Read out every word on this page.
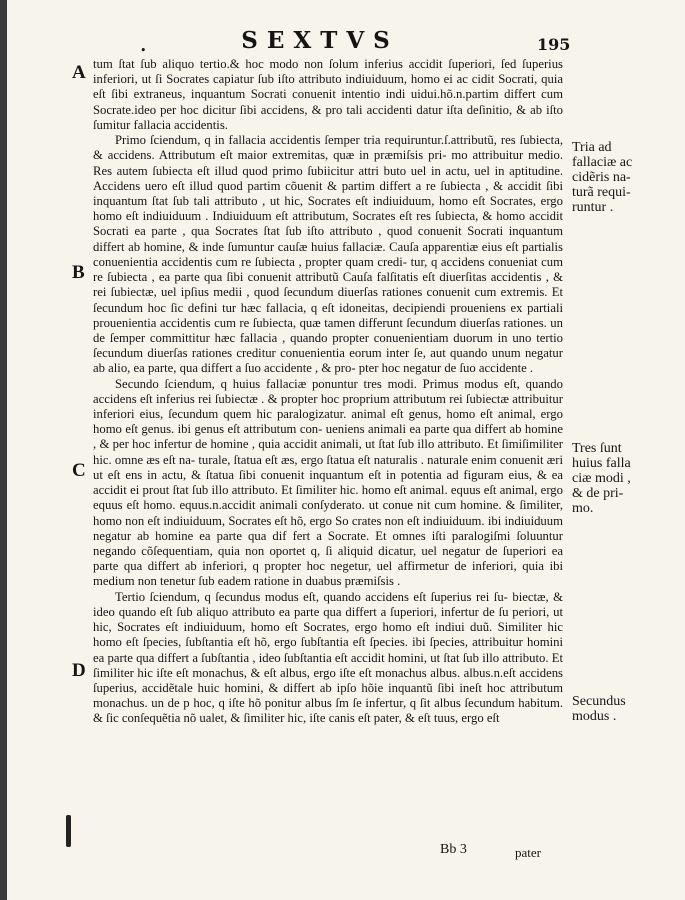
•	SEXTVS	195
A
B
C
D

tum ſtat ſub aliquo tertio.& hoc modo non ſolum inferius accidit ſuperiori, ſed ſuperius inferiori, ut ſi Socrates capiatur ſub iſto attributo indiuiduum, homo ei ac cidit Socrati, quia eſt ſibi extraneus, inquantum Socrati conuenit intentio indi uidui.hõ.n.partim differt cum Socrate.ideo per hoc dicitur ſibi accidens, & pro tali accidenti datur iſta deſinitio, & ab iſto ſumitur fallacia accidentis.

Primo ſciendum, q in fallacia accidentis ſemper tria requiruntur.ſ.attributũ, res ſubiecta, & accidens. Attributum eſt maior extremitas, quæ in præmiſsis pri- mo attribuitur medio. Res autem ſubiecta eſt illud quod primo ſubiicitur attri buto uel in actu, uel in aptitudine. Accidens uero eſt illud quod partim cõuenit & partim differt a re ſubiecta , & accidit ſibi inquantum ſtat ſub tali attributo , ut hic, Socrates eſt indiuiduum, homo eſt Socrates, ergo homo eſt indiuiduum . Indiuiduum eſt attributum, Socrates eſt res ſubiecta, & homo accidit Socrati ea parte , qua Socrates ſtat ſub iſto attributo , quod conuenit Socrati inquantum differt ab homine, & inde ſumuntur cauſæ huius fallaciæ. Cauſa apparentiæ eius eſt partialis conuenientia accidentis cum re ſubiecta , propter quam credi- tur, q accidens conueniat cum re ſubiecta , ea parte qua ſibi conuenit attributũ Cauſa falſitatis eſt diuerſitas accidentis , & rei ſubiectæ, uel ipſius medii , quod ſecundum diuerſas rationes conuenit cum extremis. Et ſecundum hoc ſic defini tur hæc fallacia, q eſt idoneitas, decipiendi proueniens ex partiali prouenientia accidentis cum re ſubiecta, quæ tamen differunt ſecundum diuerſas rationes. un de ſemper committitur hæc fallacia , quando propter conuenientiam duorum in uno tertio ſecundum diuerſas rationes creditur conuenientia eorum inter ſe, aut quando unum negatur ab alio, ea parte, qua differt a ſuo accidente , & pro- pter hoc negatur de ſuo accidente .

Secundo ſciendum, q huius fallaciæ ponuntur tres modi. Primus modus eſt, quando accidens eſt inferius rei ſubiectæ . & propter hoc proprium attributum rei ſubiectæ attribuitur inferiori eius, ſecundum quem hic paralogizatur. animal eſt genus, homo eſt animal, ergo homo eſt genus. ibi genus eſt attributum con- ueniens animali ea parte qua differt ab homine , & per hoc infertur de homine , quia accidit animali, ut ſtat ſub illo attributo. Et ſimiſimiliter hic. omne æs eſt na- turale, ſtatua eſt æs, ergo ſtatua eſt naturalis . naturale enim conuenit æri ut eſt ens in actu, & ſtatua ſibi conuenit inquantum eſt in potentia ad figuram eius, & ea accidit ei prout ſtat ſub illo attributo. Et ſimiliter hic. homo eſt animal. equus eſt animal, ergo equus eſt homo. equus.n.accidit animali conſyderato. ut conue nit cum homine. & ſimiliter, homo non eſt indiuiduum, Socrates eſt hõ, ergo So crates non eſt indiuiduum. ibi indiuiduum negatur ab homine ea parte qua dif fert a Socrate. Et omnes iſti paralogiſmi ſoluuntur negando cõſequentiam, quia non oportet q, ſi aliquid dicatur, uel negatur de ſuperiori ea parte qua differt ab inferiori, q propter hoc negetur, uel affirmetur de inferiori, quia ibi medium non tenetur ſub eadem ratione in duabus præmiſsis .

Tertio ſciendum, q ſecundus modus eſt, quando accidens eſt ſuperius rei ſu- biectæ, & ideo quando eſt ſub aliquo attributo ea parte qua differt a ſuperiori, infertur de ſu periori, ut hic, Socrates eſt indiuiduum, homo eſt Socrates, ergo homo eſt indiui duũ. Similiter hic homo eſt ſpecies, ſubſtantia eſt hõ, ergo ſubſtantia eſt ſpecies. ibi ſpecies, attribuitur homini ea parte qua differt a ſubſtantia , ideo ſubſtantia eſt accidit homini, ut ſtat ſub illo attributo. Et ſimiliter hic iſte eſt monachus, & eſt albus, ergo iſte eſt monachus albus. albus.n.eſt accidens ſuperius, accidẽtale huic homini, & differt ab ipſo hõie inquantũ ſibi ineſt hoc attributum monachus. un de p hoc, q iſte hõ ponitur albus ſm ſe infertur, q ſit albus ſecundum habitum. & ſic conſequẽtia nõ ualet, & ſimiliter hic, iſte canis eſt pater, & eſt tuus, ergo eſt

Tria ad
fallaciæ ac
cidẽris na-
turã requi-
runtur .
Tres ſunt
huius falla
ciæ modi ,
& de pri-
mo.
Secundus
modus .
Bb 3	pater
